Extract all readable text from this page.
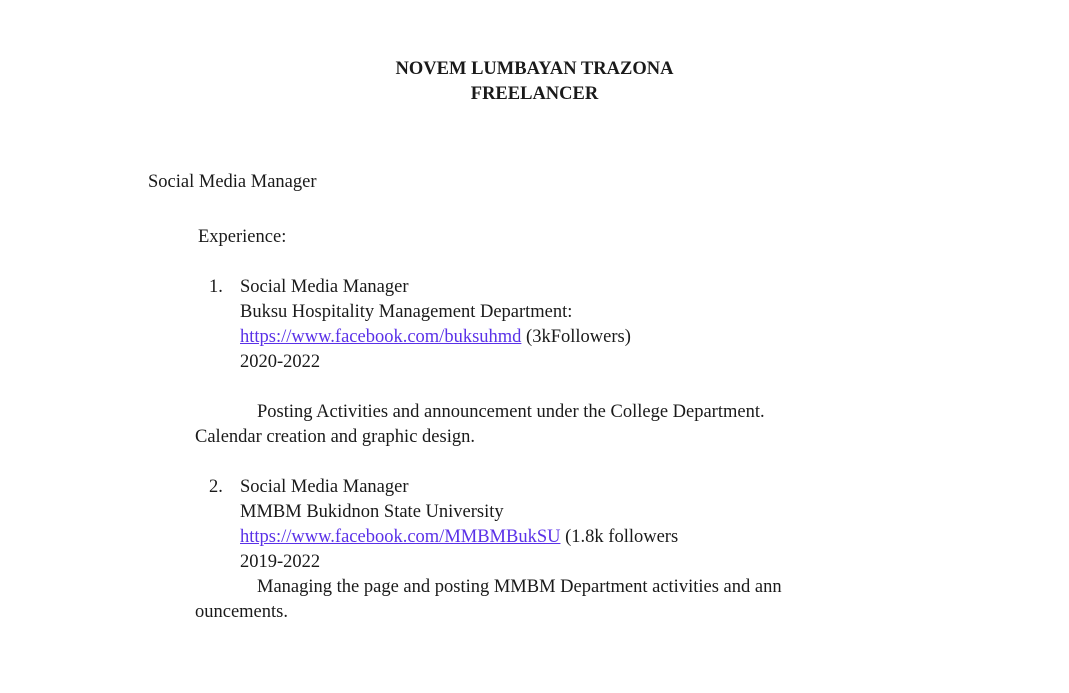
NOVEM LUMBAYAN TRAZONA
FREELANCER
Social Media Manager
Experience:
1. Social Media Manager
Buksu Hospitality Management Department:
https://www.facebook.com/buksuhmd (3kFollowers)
2020-2022
Posting Activities and announcement under the College Department.
Calendar creation and graphic design.
2. Social Media Manager
MMBM Bukidnon State University
https://www.facebook.com/MMBMBukSU (1.8k followers
2019-2022
Managing the page and posting MMBM Department activities and ann
ouncements.
